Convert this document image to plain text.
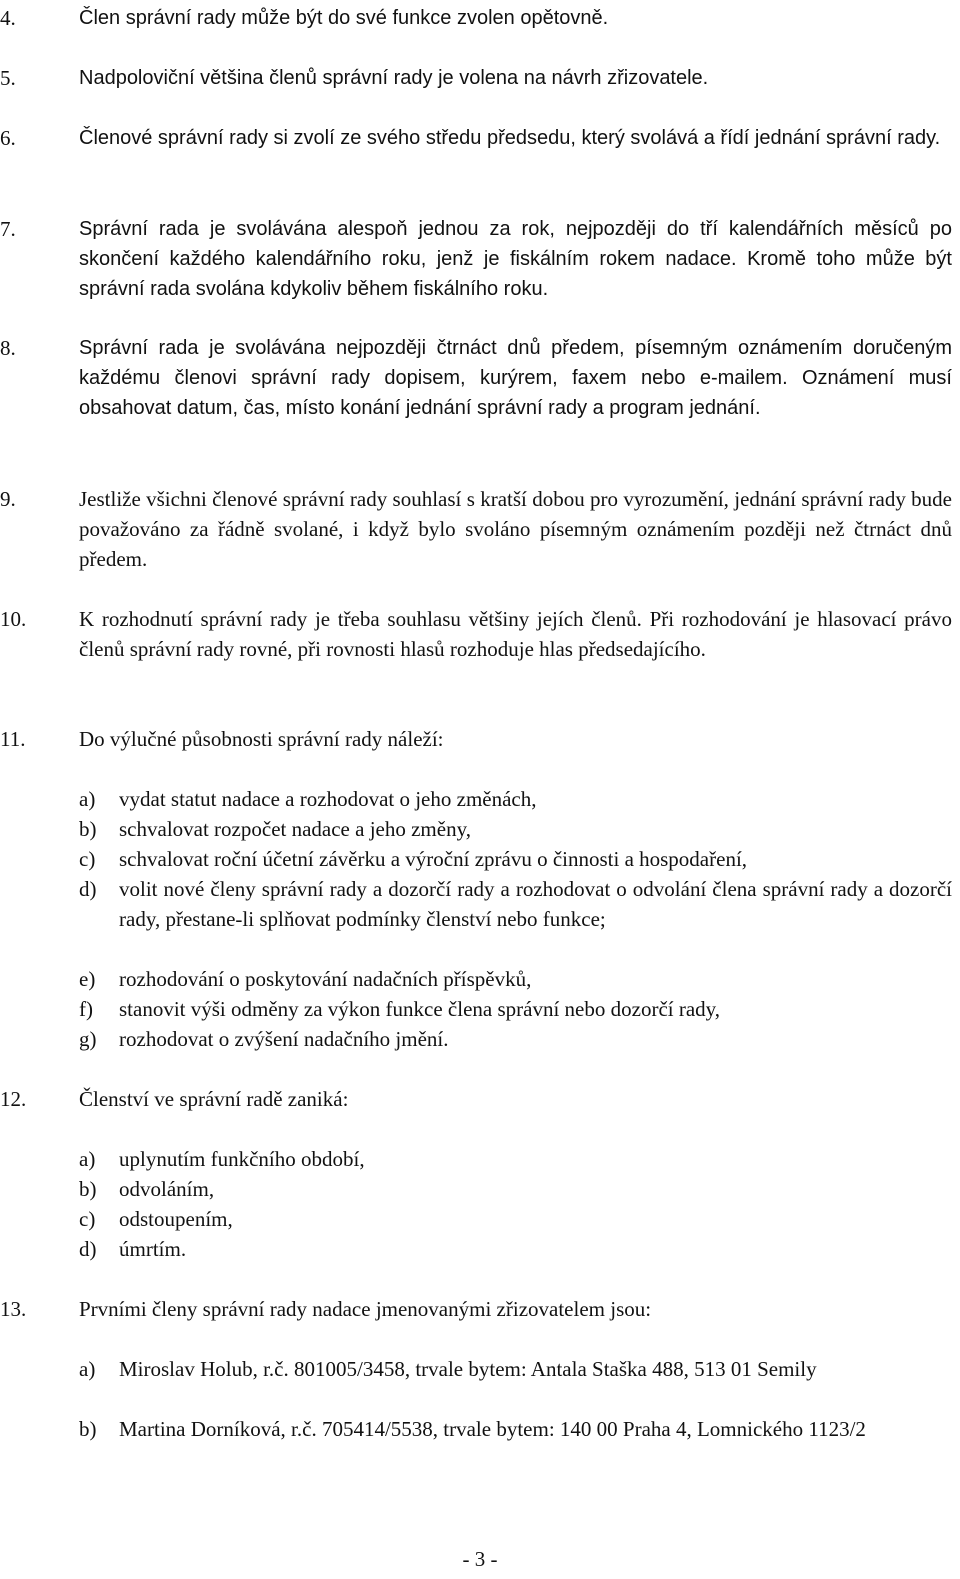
4.	Člen správní rady může být do své funkce zvolen opětovně.
5.	Nadpoloviční většina členů správní rady je volena na návrh zřizovatele.
6.	Členové správní rady si zvolí ze svého středu předsedu, který svolává a řídí jednání správní rady.
7.	Správní rada je svolávána alespoň jednou za rok, nejpozději do tří kalendářních měsíců po skončení každého kalendářního roku, jenž je fiskálním rokem nadace. Kromě toho může být správní rada svolána kdykoliv během fiskálního roku.
8.	Správní rada je svolávána nejpozději čtrnáct dnů předem, písemným oznámením doručeným každému členovi správní rady dopisem, kurýrem, faxem nebo e-mailem. Oznámení musí obsahovat datum, čas, místo konání jednání správní rady a program jednání.
9.	Jestliže všichni členové správní rady souhlasí s kratší dobou pro vyrozumění, jednání správní rady bude považováno za řádně svolané, i když bylo svoláno písemným oznámením později než čtrnáct dnů předem.
10.	K rozhodnutí správní rady je třeba souhlasu většiny jejích členů. Při rozhodování je hlasovací právo členů správní rady rovné, při rovnosti hlasů rozhoduje hlas předsedajícího.
11.	Do výlučné působnosti správní rady náleží:
a) vydat statut nadace a rozhodovat o jeho změnách,
b) schvalovat rozpočet nadace a jeho změny,
c) schvalovat roční účetní závěrku a výroční zprávu o činnosti a hospodaření,
d) volit nové členy správní rady a dozorčí rady a rozhodovat o odvolání člena správní rady a dozorčí rady, přestane-li splňovat podmínky členství nebo funkce;
e) rozhodování o poskytování nadačních příspěvků,
f) stanovit výši odměny za výkon funkce člena správní nebo dozorčí rady,
g) rozhodovat o zvýšení nadačního jmění.
12.	Členství ve správní radě zaniká:
a) uplynutím funkčního období,
b) odvoláním,
c) odstoupením,
d) úmrtím.
13.	Prvními členy správní rady nadace jmenovanými zřizovatelem jsou:
a) Miroslav Holub, r.č. 801005/3458, trvale bytem: Antala Staška 488, 513 01 Semily
b) Martina Dorníková, r.č. 705414/5538, trvale bytem: 140 00 Praha 4, Lomnického 1123/2
- 3 -
